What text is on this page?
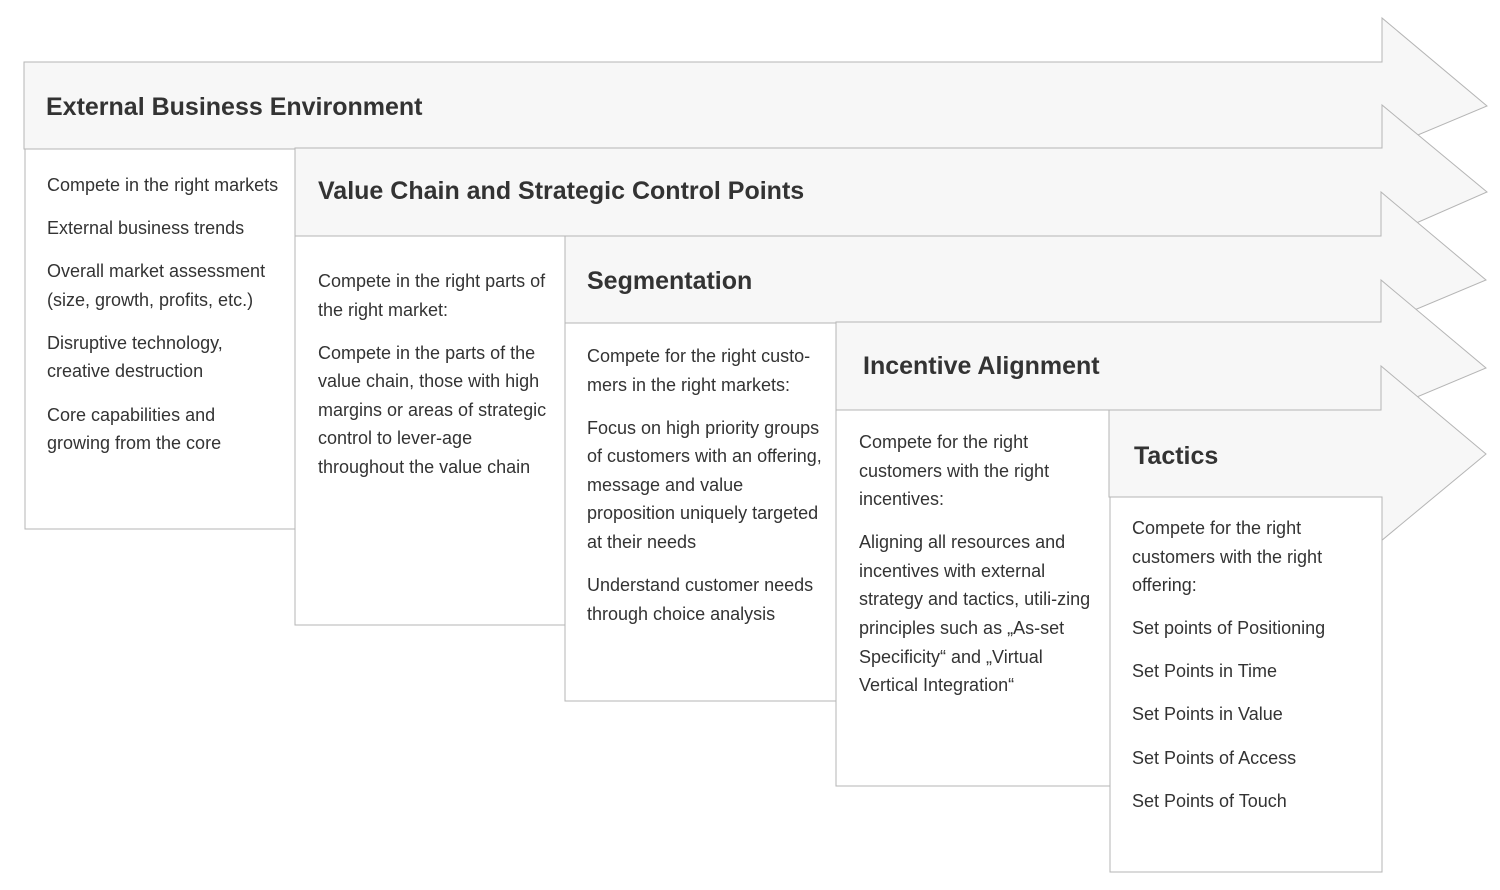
External Business Environment

Compete in the right markets

External business trends

Overall market assessment (size, growth, profits, etc.)

Disruptive technology, creative destruction

Core capabilities and growing from the core

Value Chain and Strategic Control Points

Compete in the right parts of the right market:

Compete in the parts of the value chain, those with high margins or areas of strategic control to lever-age throughout the value chain

Segmentation

Compete for the right custo-mers in the right markets:

Focus on high priority groups of customers with an offering, message and value proposition uniquely targeted at their needs

Understand customer needs through choice analysis

Incentive Alignment

Compete for the right customers with the right incentives:

Aligning all resources and incentives with external strategy and tactics, utili-zing principles such as „As-set Specificity“ and „Virtual Vertical Integration“

Tactics

Compete for the right customers with the right offering:

Set points of Positioning

Set Points in Time

Set Points in Value

Set Points of Access

Set Points of Touch
